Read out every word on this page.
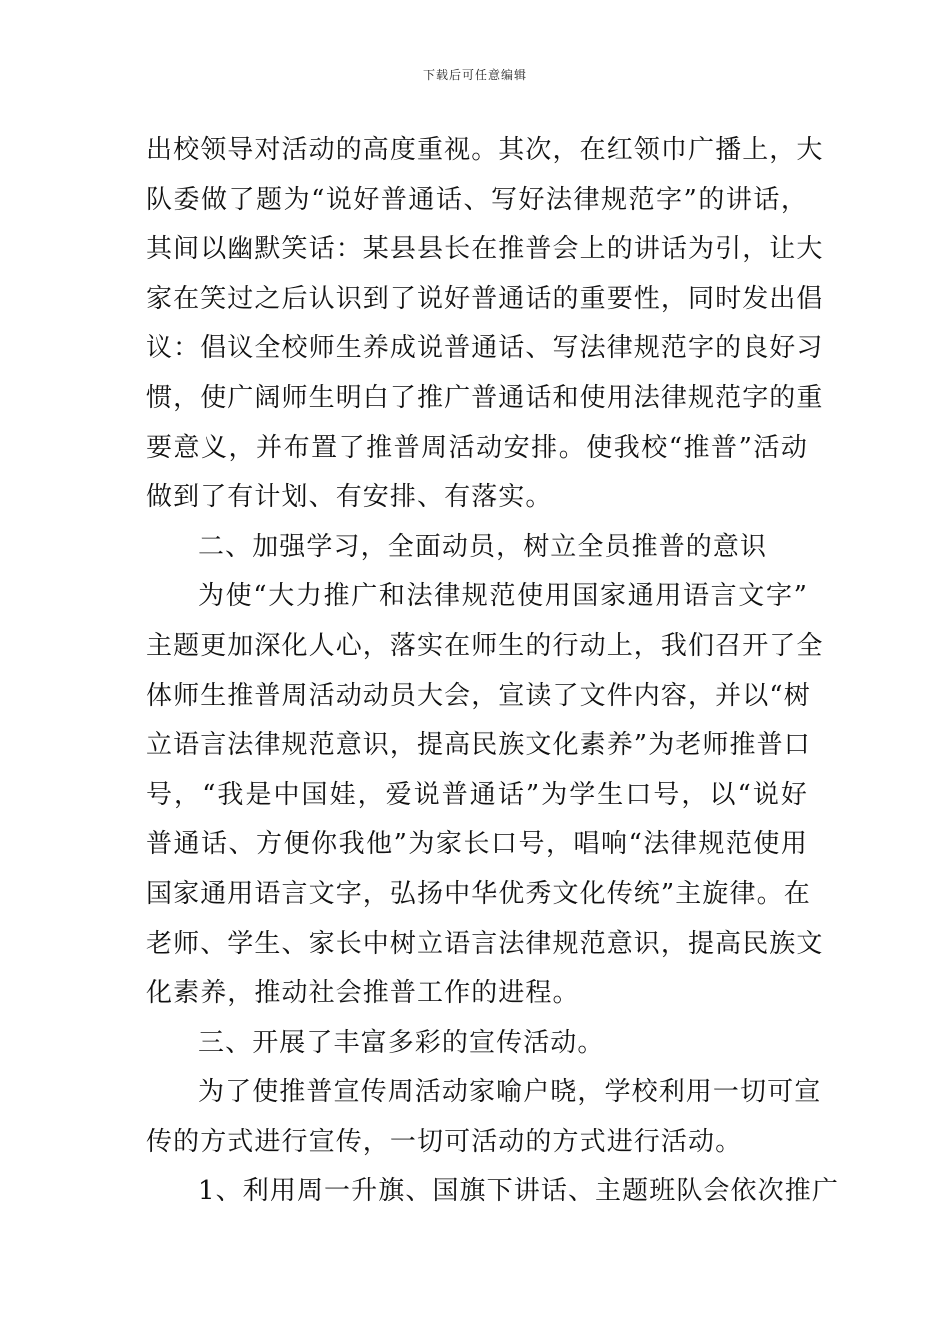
下载后可任意编辑
出校领导对活动的高度重视。其次，在红领巾广播上，大
队委做了题为“说好普通话、写好法律规范字”的讲话，
其间以幽默笑话：某县县长在推普会上的讲话为引，让大
家在笑过之后认识到了说好普通话的重要性，同时发出倡
议：倡议全校师生养成说普通话、写法律规范字的良好习
惯，使广阔师生明白了推广普通话和使用法律规范字的重
要意义，并布置了推普周活动安排。使我校“推普”活动
做到了有计划、有安排、有落实。
二、加强学习，全面动员，树立全员推普的意识
为使“大力推广和法律规范使用国家通用语言文字”
主题更加深化人心，落实在师生的行动上，我们召开了全
体师生推普周活动动员大会，宣读了文件内容，并以“树
立语言法律规范意识，提高民族文化素养”为老师推普口
号，“我是中国娃，爱说普通话”为学生口号，以“说好
普通话、方便你我他”为家长口号，唱响“法律规范使用
国家通用语言文字，弘扬中华优秀文化传统”主旋律。在
老师、学生、家长中树立语言法律规范意识，提高民族文
化素养，推动社会推普工作的进程。
三、开展了丰富多彩的宣传活动。
为了使推普宣传周活动家喻户晓，学校利用一切可宣
传的方式进行宣传，一切可活动的方式进行活动。
1、利用周一升旗、国旗下讲话、主题班队会依次推广
